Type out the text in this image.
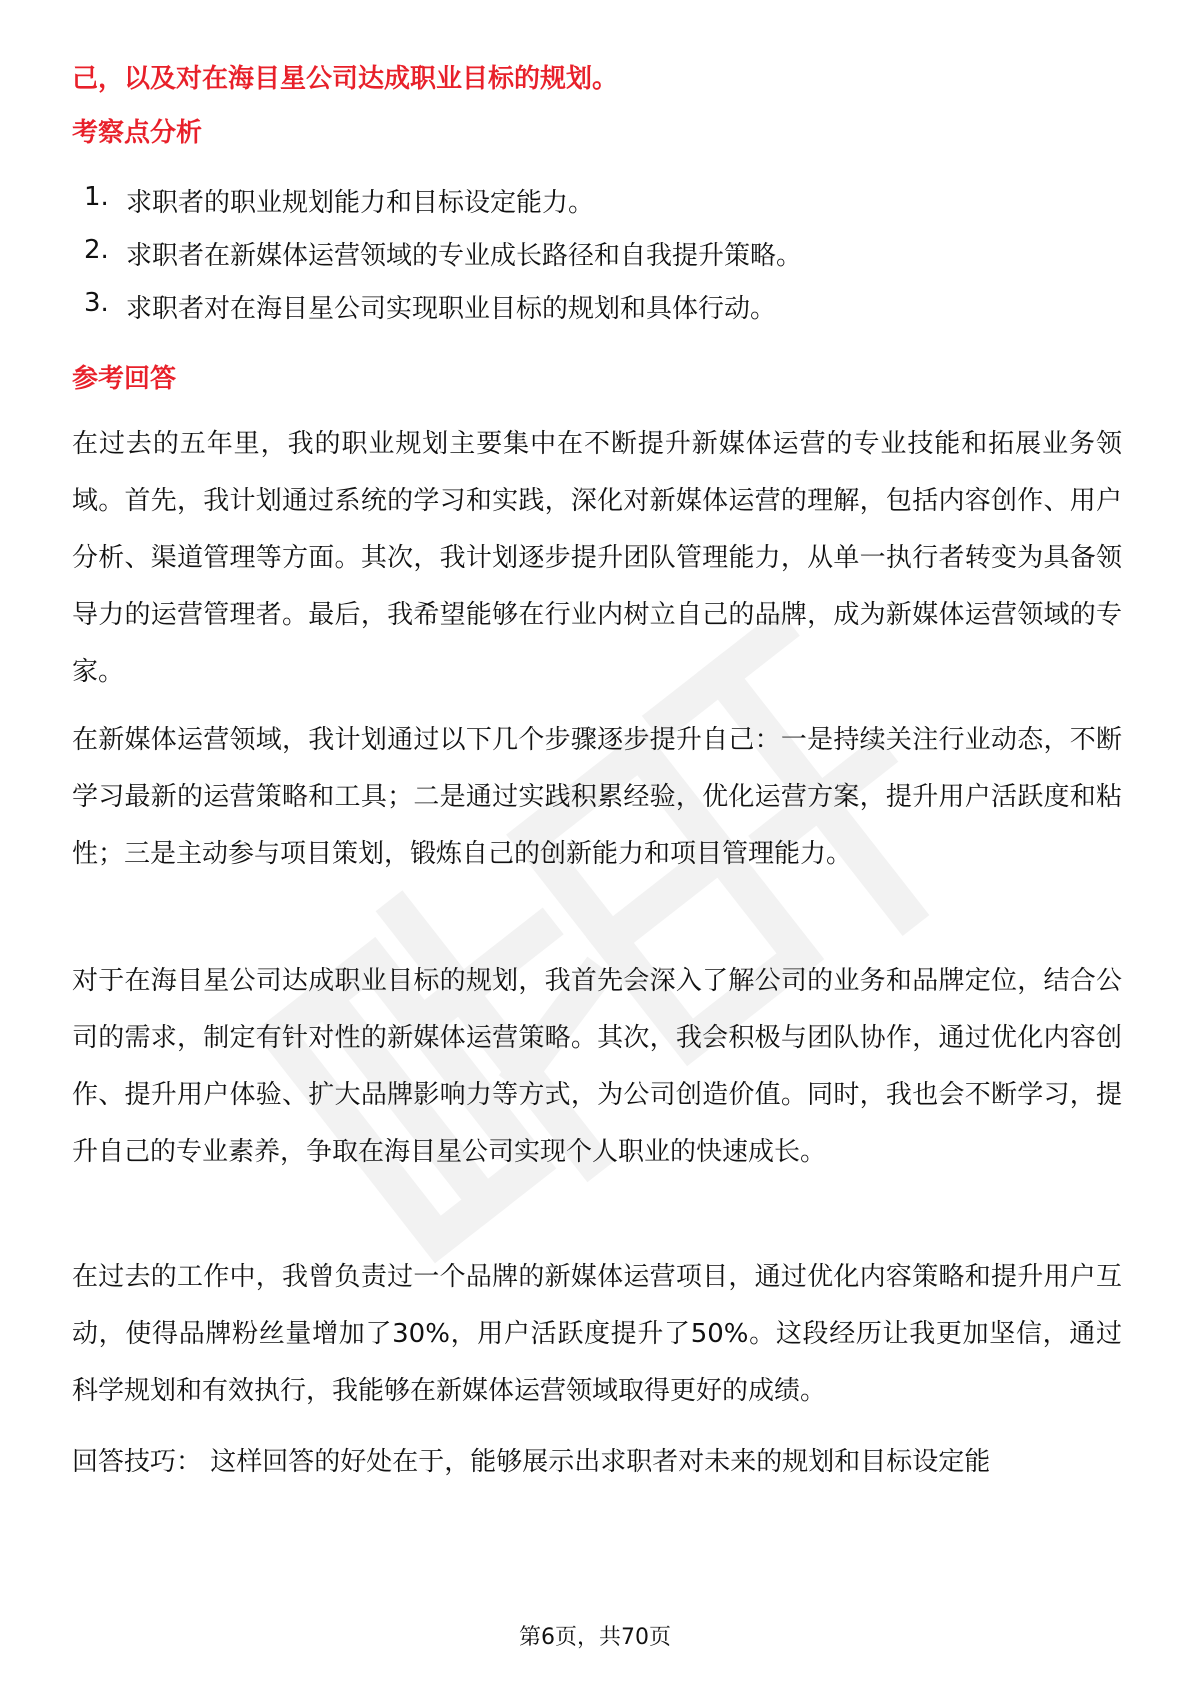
己，以及对在海目星公司达成职业目标的规划。
考察点分析
1. 求职者的职业规划能力和目标设定能力。
2. 求职者在新媒体运营领域的专业成长路径和自我提升策略。
3. 求职者对在海目星公司实现职业目标的规划和具体行动。
参考回答
在过去的五年里，我的职业规划主要集中在不断提升新媒体运营的专业技能和拓展业务领域。首先，我计划通过系统的学习和实践，深化对新媒体运营的理解，包括内容创作、用户分析、渠道管理等方面。其次，我计划逐步提升团队管理能力，从单一执行者转变为具备领导力的运营管理者。最后，我希望能够在行业内树立自己的品牌，成为新媒体运营领域的专家。
在新媒体运营领域，我计划通过以下几个步骤逐步提升自己：一是持续关注行业动态，不断学习最新的运营策略和工具；二是通过实践积累经验，优化运营方案，提升用户活跃度和粘性；三是主动参与项目策划，锻炼自己的创新能力和项目管理能力。
对于在海目星公司达成职业目标的规划，我首先会深入了解公司的业务和品牌定位，结合公司的需求，制定有针对性的新媒体运营策略。其次，我会积极与团队协作，通过优化内容创作、提升用户体验、扩大品牌影响力等方式，为公司创造价值。同时，我也会不断学习，提升自己的专业素养，争取在海目星公司实现个人职业的快速成长。
在过去的工作中，我曾负责过一个品牌的新媒体运营项目，通过优化内容策略和提升用户互动，使得品牌粉丝量增加了30%，用户活跃度提升了50%。这段经历让我更加坚信，通过科学规划和有效执行，我能够在新媒体运营领域取得更好的成绩。
回答技巧： 这样回答的好处在于，能够展示出求职者对未来的规划和目标设定能
第6页，共70页
